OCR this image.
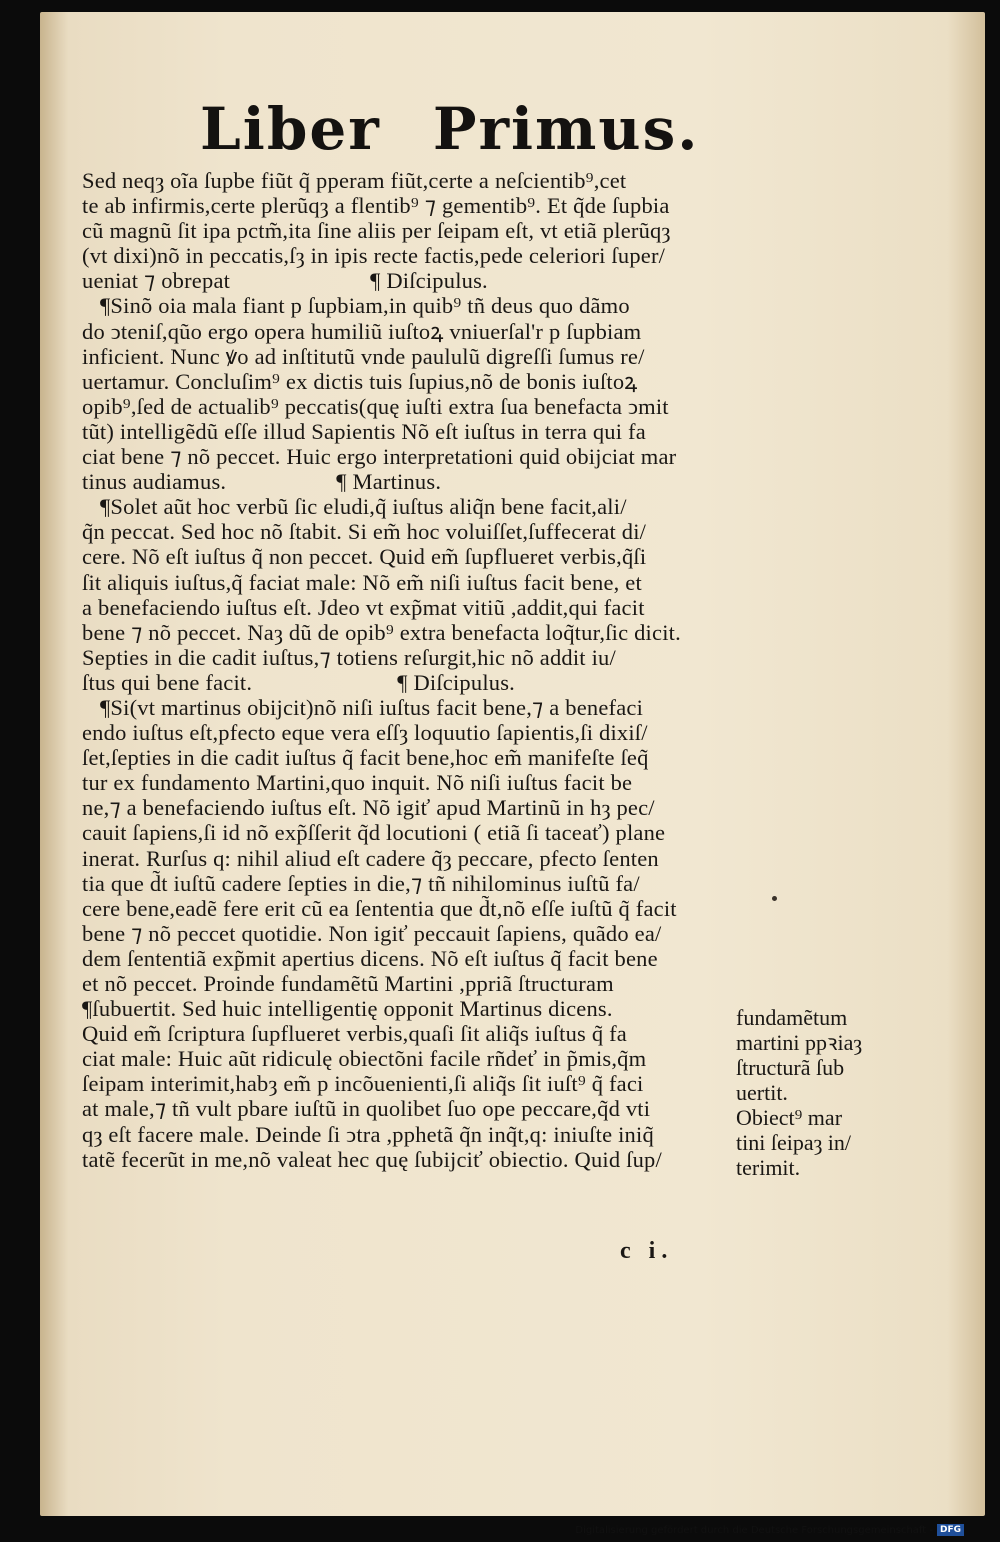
Liber Primus.
Sed neqȝ oĩa ſupbe fiũt q̃ pperam fiũt,certe a neſcientib⁹,cet
te ab infirmis,certe plerũqȝ a flentib⁹ ⁊ gementib⁹. Et q̃de ſupbia
cũ magnũ ſit ipa pctm̃,ita ſine aliis per ſeipam eſt, vt etiã plerũqȝ
(vt dixi)nõ in peccatis,ſȝ in ipis recte factis,pede celeriori ſuper/
ueniat ⁊ obrepat	¶ Diſcipulus.
¶Sinõ oia mala fiant p ſupbiam,in quib⁹ tñ deus quo dãmo
do ↄteniſ,qũo ergo opera humiliũ iuſtoꝝ vniuerſal'r p ſupbiam
inficient. Nunc ꝟo ad inſtitutũ vnde paululũ digreſſi ſumus re/
uertamur. Concluſim⁹ ex dictis tuis ſupius,nõ de bonis iuſtoꝝ
opib⁹,ſed de actualib⁹ peccatis(quę iuſti extra ſua benefacta ↄmit
tũt) intelligẽdũ eſſe illud Sapientis Nõ eſt iuſtus in terra qui fa
ciat bene ⁊ nõ peccet. Huic ergo interpretationi quid obijciat mar
tinus audiamus.	¶ Martinus.
¶Solet aũt hoc verbũ ſic eludi,q̃ iuſtus aliq̃n bene facit,ali/
q̃n peccat. Sed hoc nõ ſtabit. Si em̃ hoc voluiſſet,ſuffecerat di/
cere. Nõ eſt iuſtus q̃ non peccet. Quid em̃ ſupflueret verbis,q̃ſi
ſit aliquis iuſtus,q̃ faciat male: Nõ em̃ niſi iuſtus facit bene, et
a benefaciendo iuſtus eſt. Jdeo vt exp̃mat vitiũ ,addit,qui facit
bene ⁊ nõ peccet. Naȝ dũ de opib⁹ extra benefacta loq̃tur,ſic dicit.
Septies in die cadit iuſtus,⁊ totiens reſurgit,hic nõ addit iu/
ſtus qui bene facit.	¶ Diſcipulus.
¶Si(vt martinus obijcit)nõ niſi iuſtus facit bene,⁊ a benefaci
endo iuſtus eſt,pfecto eque vera eſſȝ loquutio ſapientis,ſi dixiſ/
ſet,ſepties in die cadit iuſtus q̃ facit bene,hoc em̃ manifeſte ſeq̃
tur ex fundamento Martini,quo inquit. Nõ niſi iuſtus facit be
ne,⁊ a benefaciendo iuſtus eſt. Nõ igiť apud Martinũ in hȝ pec/
cauit ſapiens,ſi id nõ exp̃ſſerit q̃d locutioni ( etiã ſi taceať) plane
inerat. Rurſus q: nihil aliud eſt cadere q̃ȝ peccare, pfecto ſenten
tia que d̃t iuſtũ cadere ſepties in die,⁊ tñ nihilominus iuſtũ fa/
cere bene,eadẽ fere erit cũ ea ſententia que d̃t,nõ eſſe iuſtũ q̃ facit
bene ⁊ nõ peccet quotidie. Non igiť peccauit ſapiens, quãdo ea/
dem ſententiã exp̃mit apertius dicens. Nõ eſt iuſtus q̃ facit bene
et nõ peccet. Proinde fundamẽtũ Martini ,ppriã ſtructuram
¶ſubuertit. Sed huic intelligentię opponit Martinus dicens.
Quid em̃ ſcriptura ſupflueret verbis,quaſi ſit aliq̃s iuſtus q̃ fa
ciat male: Huic aũt ridiculę obiectõni facile rñdeť in p̃mis,q̃m
ſeipam interimit,habȝ em̃ p incõuenienti,ſi aliq̃s ſit iuſt⁹ q̃ faci
at male,⁊ tñ vult pbare iuſtũ in quolibet ſuo ope peccare,q̃d vti
qȝ eſt facere male. Deinde ſi ↄtra ,pphetã q̃n inq̃t,q: iniuſte iniq̃
tatẽ fecerũt in me,nõ valeat hec quę ſubijciť obiectio. Quid ſup/
fundamẽtum
martini ppꝛiaȝ
ſtructurã ſub
uertit.
Obiect⁹ mar
tini ſeipaȝ in/
terimit.
c i.
Digitalisierung gefördert durch die Deutsche Forschungsgemeinschaft - DFG
